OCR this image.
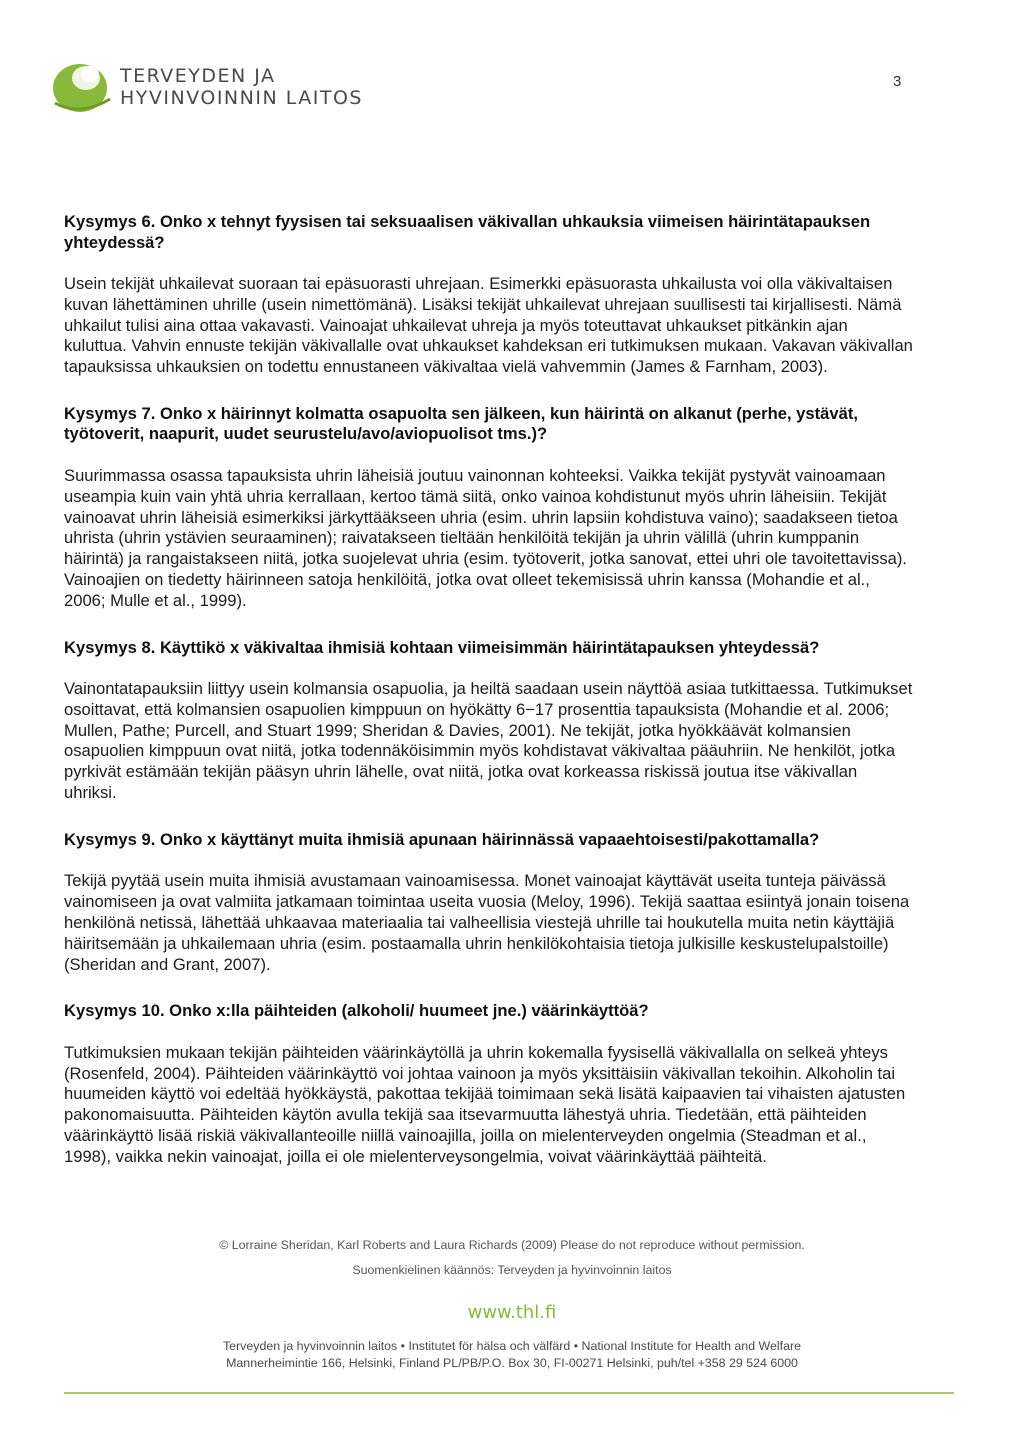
TERVEYDEN JA
HYVINVOINNIN LAITOS
3
Kysymys 6. Onko x tehnyt fyysisen tai seksuaalisen väkivallan uhkauksia viimeisen häirintätapauksen yhteydessä?

Usein tekijät uhkailevat suoraan tai epäsuorasti uhrejaan. Esimerkki epäsuorasta uhkailusta voi olla väkivaltaisen kuvan lähettäminen uhrille (usein nimettömänä). Lisäksi tekijät uhkailevat uhrejaan suullisesti tai kirjallisesti. Nämä uhkailut tulisi aina ottaa vakavasti. Vainoajat uhkailevat uhreja ja myös toteuttavat uhkaukset pitkänkin ajan kuluttua. Vahvin ennuste tekijän väkivallalle ovat uhkaukset kahdeksan eri tutkimuksen mukaan. Vakavan väkivallan tapauksissa uhkauksien on todettu ennustaneen väkivaltaa vielä vahvemmin (James & Farnham, 2003).

Kysymys 7. Onko x häirinnyt kolmatta osapuolta sen jälkeen, kun häirintä on alkanut (perhe, ystävät, työtoverit, naapurit, uudet seurustelu/avo/aviopuolisot tms.)?

Suurimmassa osassa tapauksista uhrin läheisiä joutuu vainonnan kohteeksi. Vaikka tekijät pystyvät vainoamaan useampia kuin vain yhtä uhria kerrallaan, kertoo tämä siitä, onko vainoa kohdistunut myös uhrin läheisiin. Tekijät vainoavat uhrin läheisiä esimerkiksi järkyttääkseen uhria (esim. uhrin lapsiin kohdistuva vaino); saadakseen tietoa uhrista (uhrin ystävien seuraaminen); raivatakseen tieltään henkilöitä tekijän ja uhrin välillä (uhrin kumppanin häirintä) ja rangaistakseen niitä, jotka suojelevat uhria (esim. työtoverit, jotka sanovat, ettei uhri ole tavoitettavissa). Vainoajien on tiedetty häirinneen satoja henkilöitä, jotka ovat olleet tekemisissä uhrin kanssa (Mohandie et al., 2006; Mulle et al., 1999).

Kysymys 8. Käyttikö x väkivaltaa ihmisiä kohtaan viimeisimmän häirintätapauksen yhteydessä?

Vainontatapauksiin liittyy usein kolmansia osapuolia, ja heiltä saadaan usein näyttöä asiaa tutkittaessa. Tutkimukset osoittavat, että kolmansien osapuolien kimppuun on hyökätty 6−17 prosenttia tapauksista (Mohandie et al. 2006; Mullen, Pathe; Purcell, and Stuart 1999; Sheridan & Davies, 2001). Ne tekijät, jotka hyökkäävät kolmansien osapuolien kimppuun ovat niitä, jotka todennäköisimmin myös kohdistavat väkivaltaa pääuhriin. Ne henkilöt, jotka pyrkivät estämään tekijän pääsyn uhrin lähelle, ovat niitä, jotka ovat korkeassa riskissä joutua itse väkivallan uhriksi.

Kysymys 9. Onko x käyttänyt muita ihmisiä apunaan häirinnässä vapaaehtoisesti/pakottamalla?

Tekijä pyytää usein muita ihmisiä avustamaan vainoamisessa. Monet vainoajat käyttävät useita tunteja päivässä vainomiseen ja ovat valmiita jatkamaan toimintaa useita vuosia (Meloy, 1996). Tekijä saattaa esiintyä jonain toisena henkilönä netissä, lähettää uhkaavaa materiaalia tai valheellisia viestejä uhrille tai houkutella muita netin käyttäjiä häiritsemään ja uhkailemaan uhria (esim. postaamalla uhrin henkilökohtaisia tietoja julkisille keskustelupalstoille) (Sheridan and Grant, 2007).

Kysymys 10. Onko x:lla päihteiden (alkoholi/ huumeet jne.) väärinkäyttöä?

Tutkimuksien mukaan tekijän päihteiden väärinkäytöllä ja uhrin kokemalla fyysisellä väkivallalla on selkeä yhteys (Rosenfeld, 2004). Päihteiden väärinkäyttö voi johtaa vainoon ja myös yksittäisiin väkivallan tekoihin. Alkoholin tai huumeiden käyttö voi edeltää hyökkäystä, pakottaa tekijää toimimaan sekä lisätä kaipaavien tai vihaisten ajatusten pakonomaisuutta. Päihteiden käytön avulla tekijä saa itsevarmuutta lähestyä uhria. Tiedetään, että päihteiden väärinkäyttö lisää riskiä väkivallanteoille niillä vainoajilla, joilla on mielenterveyden ongelmia (Steadman et al., 1998), vaikka nekin vainoajat, joilla ei ole mielenterveysongelmia, voivat väärinkäyttää päihteitä.

© Lorraine Sheridan, Karl Roberts and Laura Richards (2009) Please do not reproduce without permission.
Suomenkielinen käännös: Terveyden ja hyvinvoinnin laitos
www.thl.fi
Terveyden ja hyvinvoinnin laitos • Institutet för hälsa och välfärd • National Institute for Health and Welfare
Mannerheimintie 166, Helsinki, Finland PL/PB/P.O. Box 30, FI-00271 Helsinki, puh/tel +358 29 524 6000
